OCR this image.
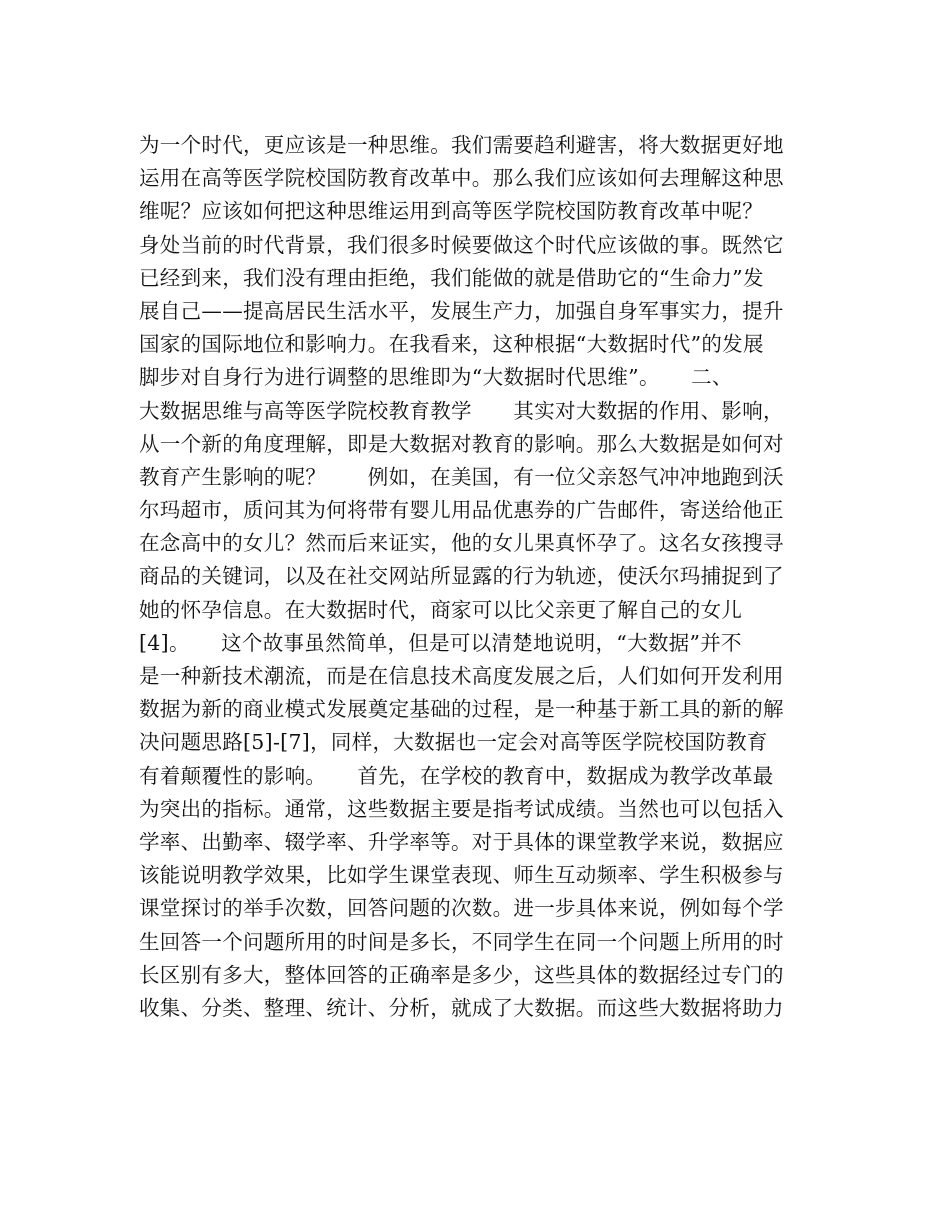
为一个时代，更应该是一种思维。我们需要趋利避害，将大数据更好地
运用在高等医学院校国防教育改革中。那么我们应该如何去理解这种思
维呢？应该如何把这种思维运用到高等医学院校国防教育改革中呢？
身处当前的时代背景，我们很多时候要做这个时代应该做的事。既然它
已经到来，我们没有理由拒绝，我们能做的就是借助它的“生命力”发
展自己——提高居民生活水平，发展生产力，加强自身军事实力，提升
国家的国际地位和影响力。在我看来，这种根据“大数据时代”的发展
脚步对自身行为进行调整的思维即为“大数据时代思维”。　　二、
大数据思维与高等医学院校教育教学　　其实对大数据的作用、影响，
从一个新的角度理解，即是大数据对教育的影响。那么大数据是如何对
教育产生影响的呢？　　例如，在美国，有一位父亲怒气冲冲地跑到沃
尔玛超市，质问其为何将带有婴儿用品优惠券的广告邮件，寄送给他正
在念高中的女儿？然而后来证实，他的女儿果真怀孕了。这名女孩搜寻
商品的关键词，以及在社交网站所显露的行为轨迹，使沃尔玛捕捉到了
她的怀孕信息。在大数据时代，商家可以比父亲更了解自己的女儿
[4]。　　这个故事虽然简单，但是可以清楚地说明，“大数据”并不
是一种新技术潮流，而是在信息技术高度发展之后，人们如何开发利用
数据为新的商业模式发展奠定基础的过程，是一种基于新工具的新的解
决问题思路[5]-[7]，同样，大数据也一定会对高等医学院校国防教育
有着颠覆性的影响。　　首先，在学校的教育中，数据成为教学改革最
为突出的指标。通常，这些数据主要是指考试成绩。当然也可以包括入
学率、出勤率、辍学率、升学率等。对于具体的课堂教学来说，数据应
该能说明教学效果，比如学生课堂表现、师生互动频率、学生积极参与
课堂探讨的举手次数，回答问题的次数。进一步具体来说，例如每个学
生回答一个问题所用的时间是多长，不同学生在同一个问题上所用的时
长区别有多大，整体回答的正确率是多少，这些具体的数据经过专门的
收集、分类、整理、统计、分析，就成了大数据。而这些大数据将助力
